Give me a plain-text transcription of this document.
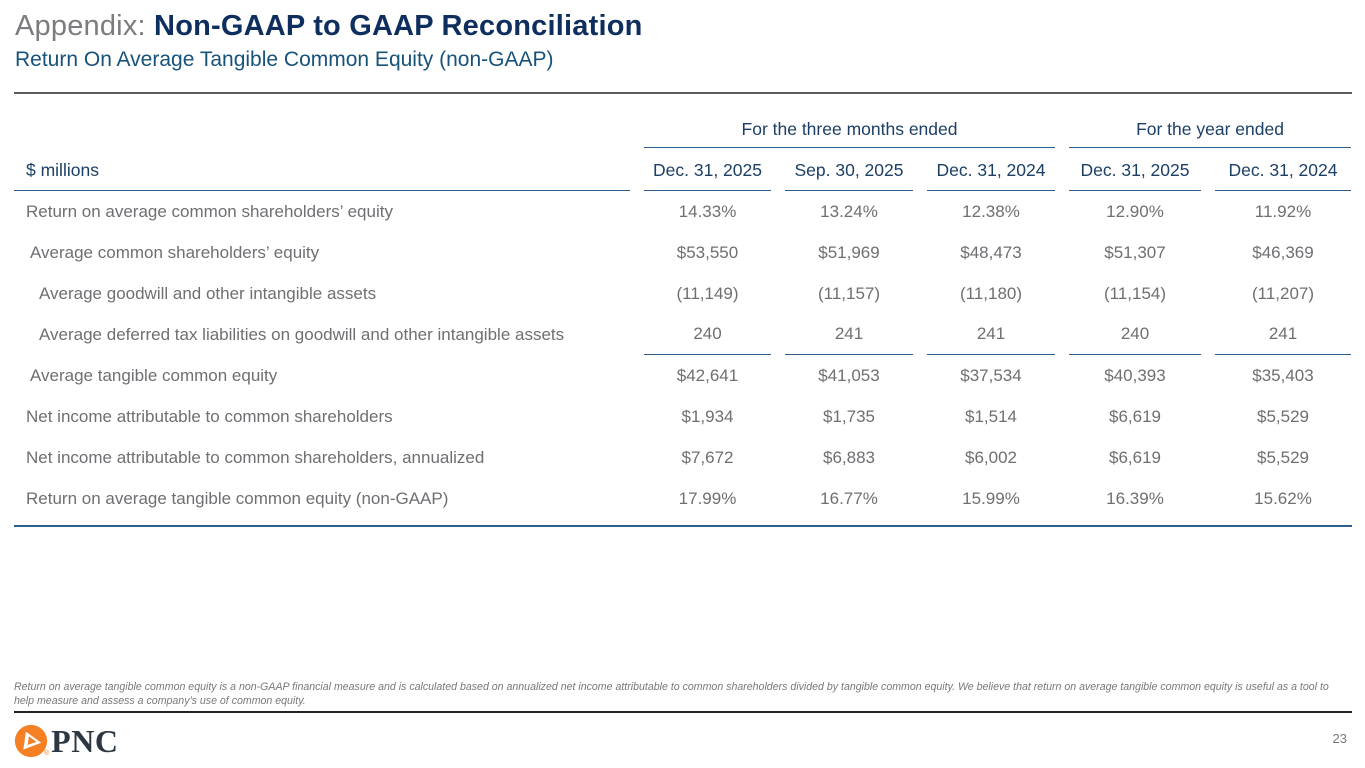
Appendix: Non-GAAP to GAAP Reconciliation
Return On Average Tangible Common Equity (non-GAAP)
For the three months ended	For the year ended
$ millions	Dec. 31, 2025	Sep. 30, 2025	Dec. 31, 2024	Dec. 31, 2025	Dec. 31, 2024
Return on average common shareholders’ equity	14.33%	13.24%	12.38%	12.90%	11.92%
Average common shareholders’ equity	$53,550	$51,969	$48,473	$51,307	$46,369
Average goodwill and other intangible assets	(11,149)	(11,157)	(11,180)	(11,154)	(11,207)
Average deferred tax liabilities on goodwill and other intangible assets	240	241	241	240	241
Average tangible common equity	$42,641	$41,053	$37,534	$40,393	$35,403
Net income attributable to common shareholders	$1,934	$1,735	$1,514	$6,619	$5,529
Net income attributable to common shareholders, annualized	$7,672	$6,883	$6,002	$6,619	$5,529
Return on average tangible common equity (non-GAAP)	17.99%	16.77%	15.99%	16.39%	15.62%
Return on average tangible common equity is a non-GAAP financial measure and is calculated based on annualized net income attributable to common shareholders divided by tangible common equity. We believe that return on average tangible common equity is useful as a tool to help measure and assess a company’s use of common equity.
® PNC	23
